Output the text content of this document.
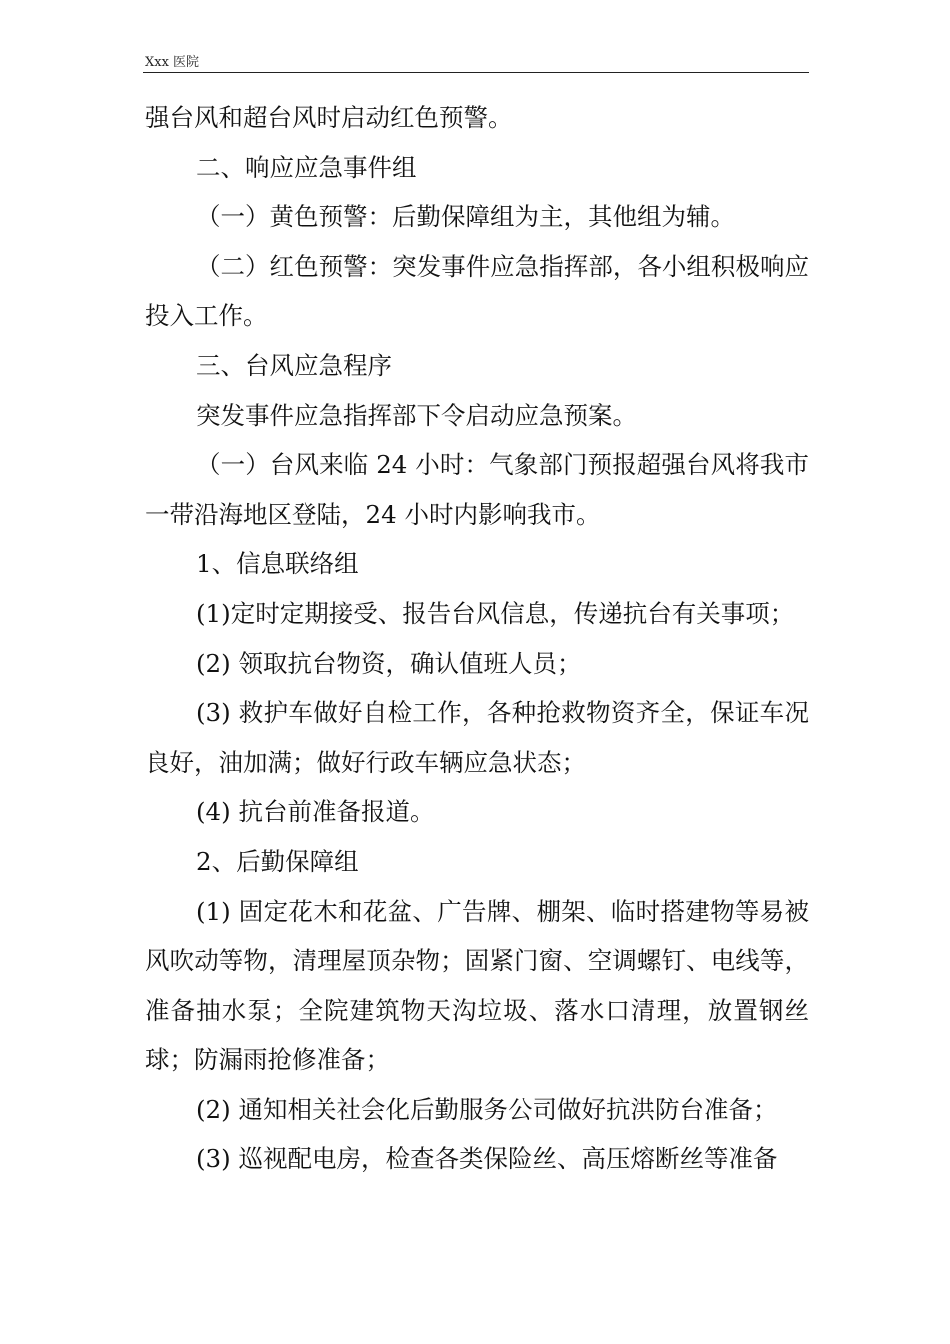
Xxx 医院

强台风和超台风时启动红色预警。

二、响应应急事件组

（一）黄色预警：后勤保障组为主，其他组为辅。

（二）红色预警：突发事件应急指挥部，各小组积极响应投入工作。

三、台风应急程序

突发事件应急指挥部下令启动应急预案。

（一）台风来临 24 小时：气象部门预报超强台风将我市一带沿海地区登陆，24 小时内影响我市。

1、信息联络组

(1)定时定期接受、报告台风信息，传递抗台有关事项；

(2) 领取抗台物资，确认值班人员；

(3) 救护车做好自检工作，各种抢救物资齐全，保证车况良好，油加满；做好行政车辆应急状态；

(4) 抗台前准备报道。

2、后勤保障组

(1) 固定花木和花盆、广告牌、棚架、临时搭建物等易被风吹动等物，清理屋顶杂物；固紧门窗、空调螺钉、电线等，准备抽水泵；全院建筑物天沟垃圾、落水口清理，放置钢丝球；防漏雨抢修准备；

(2) 通知相关社会化后勤服务公司做好抗洪防台准备；

(3) 巡视配电房，检查各类保险丝、高压熔断丝等准备
